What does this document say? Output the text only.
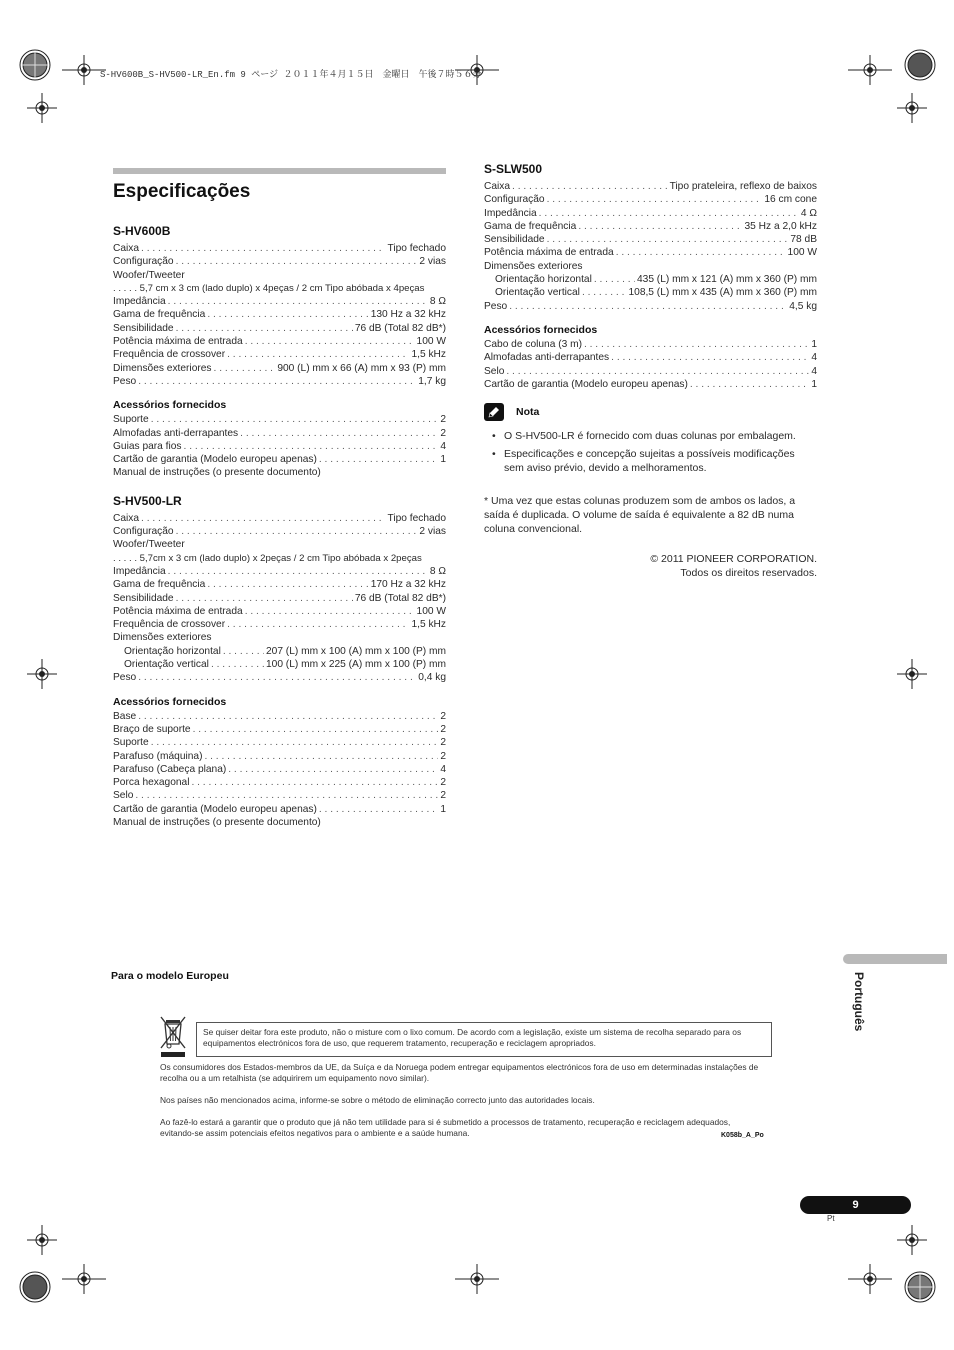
S-HV600B_S-HV500-LR_En.fm 9 ページ ２０１１年４月１５日　金曜日　午後７時５６分
Especificações
S-HV600B
Caixa . . .	Tipo fechado
Configuração . . .	2 vias
Woofer/Tweeter
. . . . . 5,7 cm x 3 cm (lado duplo) x 4peças / 2 cm Tipo abóbada x 4peças
Impedância . . .	8 Ω
Gama de frequência . . .	130 Hz a 32 kHz
Sensibilidade . . .	76 dB (Total 82 dB*)
Potência máxima de entrada . . .	100 W
Frequência de crossover . . .	1,5 kHz
Dimensões exteriores . . .	900 (L) mm x 66 (A) mm x 93 (P) mm
Peso . . .	1,7 kg
Acessórios fornecidos
Suporte . . .	2
Almofadas anti-derrapantes . . .	2
Guias para fios . . .	4
Cartão de garantia (Modelo europeu apenas) . . .	1
Manual de instruções (o presente documento)
S-HV500-LR
Caixa . . .	Tipo fechado
Configuração . . .	2 vias
Woofer/Tweeter
. . . . . 5,7cm x 3 cm (lado duplo) x 2peças / 2 cm Tipo abóbada x 2peças
Impedância . . .	8 Ω
Gama de frequência . . .	170 Hz a 32 kHz
Sensibilidade . . .	76 dB (Total 82 dB*)
Potência máxima de entrada . . .	100 W
Frequência de crossover . . .	1,5 kHz
Dimensões exteriores
Orientação horizontal . . .	207 (L) mm x 100 (A) mm x 100 (P) mm
Orientação vertical . . .	100 (L) mm x 225 (A) mm x 100 (P) mm
Peso . . .	0,4 kg
Acessórios fornecidos
Base . . .	2
Braço de suporte . . .	2
Suporte . . .	2
Parafuso (máquina) . . .	2
Parafuso (Cabeça plana) . . .	4
Porca hexagonal . . .	2
Selo . . .	2
Cartão de garantia (Modelo europeu apenas) . . .	1
Manual de instruções (o presente documento)
S-SLW500
Caixa . . .	Tipo prateleira, reflexo de baixos
Configuração . . .	16 cm cone
Impedância . . .	4 Ω
Gama de frequência . . .	35 Hz a 2,0 kHz
Sensibilidade . . .	78 dB
Potência máxima de entrada . . .	100 W
Dimensões exteriores
Orientação horizontal . . .	435 (L) mm x 121 (A) mm x 360 (P) mm
Orientação vertical . . .	108,5 (L) mm x 435 (A) mm x 360 (P) mm
Peso . . .	4,5 kg
Acessórios fornecidos
Cabo de coluna (3 m) . . .	1
Almofadas anti-derrapantes . . .	4
Selo . . .	4
Cartão de garantia (Modelo europeu apenas) . . .	1
Nota
• O S-HV500-LR é fornecido com duas colunas por embalagem.
• Especificações e concepção sujeitas a possíveis modificações sem aviso prévio, devido a melhoramentos.
* Uma vez que estas colunas produzem som de ambos os lados, a saída é duplicada. O volume de saída é equivalente a 82 dB numa coluna convencional.
© 2011 PIONEER CORPORATION.
Todos os direitos reservados.
Português
Para o modelo Europeu
Se quiser deitar fora este produto, não o misture com o lixo comum. De acordo com a legislação, existe um sistema de recolha separado para os equipamentos electrónicos fora de uso, que requerem tratamento, recuperação e reciclagem apropriados.
Os consumidores dos Estados-membros da UE, da Suíça e da Noruega podem entregar equipamentos electrónicos fora de uso em determinadas instalações de recolha ou a um retalhista (se adquirirem um equipamento novo similar).
Nos países não mencionados acima, informe-se sobre o método de eliminação correcto junto das autoridades locais.
Ao fazê-lo estará a garantir que o produto que já não tem utilidade para si é submetido a processos de tratamento, recuperação e reciclagem adequados, evitando-se assim potenciais efeitos negativos para o ambiente e a saúde humana.	K058b_A_Po
9
Pt
